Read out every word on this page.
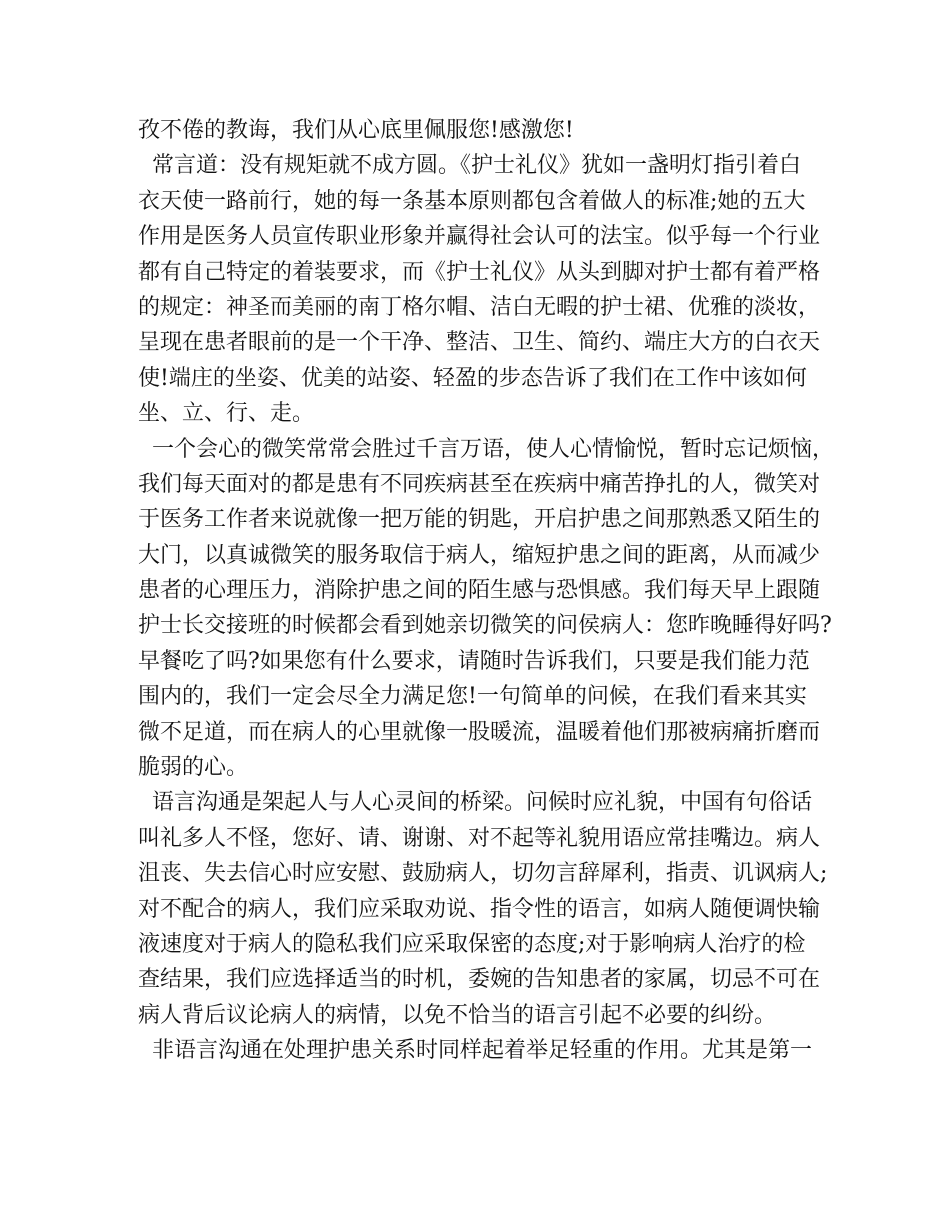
孜不倦的教诲，我们从心底里佩服您!感激您!
常言道：没有规矩就不成方圆。《护士礼仪》犹如一盏明灯指引着白
衣天使一路前行，她的每一条基本原则都包含着做人的标准;她的五大
作用是医务人员宣传职业形象并赢得社会认可的法宝。似乎每一个行业
都有自己特定的着装要求，而《护士礼仪》从头到脚对护士都有着严格
的规定：神圣而美丽的南丁格尔帽、洁白无暇的护士裙、优雅的淡妆，
呈现在患者眼前的是一个干净、整洁、卫生、简约、端庄大方的白衣天
使!端庄的坐姿、优美的站姿、轻盈的步态告诉了我们在工作中该如何
坐、立、行、走。
一个会心的微笑常常会胜过千言万语，使人心情愉悦，暂时忘记烦恼，
我们每天面对的都是患有不同疾病甚至在疾病中痛苦挣扎的人，微笑对
于医务工作者来说就像一把万能的钥匙，开启护患之间那熟悉又陌生的
大门，以真诚微笑的服务取信于病人，缩短护患之间的距离，从而减少
患者的心理压力，消除护患之间的陌生感与恐惧感。我们每天早上跟随
护士长交接班的时候都会看到她亲切微笑的问侯病人：您昨晚睡得好吗?
早餐吃了吗?如果您有什么要求，请随时告诉我们，只要是我们能力范
围内的，我们一定会尽全力满足您!一句简单的问候，在我们看来其实
微不足道，而在病人的心里就像一股暖流，温暖着他们那被病痛折磨而
脆弱的心。
语言沟通是架起人与人心灵间的桥梁。问候时应礼貌，中国有句俗话
叫礼多人不怪，您好、请、谢谢、对不起等礼貌用语应常挂嘴边。病人
沮丧、失去信心时应安慰、鼓励病人，切勿言辞犀利，指责、讥讽病人;
对不配合的病人，我们应采取劝说、指令性的语言，如病人随便调快输
液速度对于病人的隐私我们应采取保密的态度;对于影响病人治疗的检
查结果，我们应选择适当的时机，委婉的告知患者的家属，切忌不可在
病人背后议论病人的病情，以免不恰当的语言引起不必要的纠纷。
非语言沟通在处理护患关系时同样起着举足轻重的作用。尤其是第一
